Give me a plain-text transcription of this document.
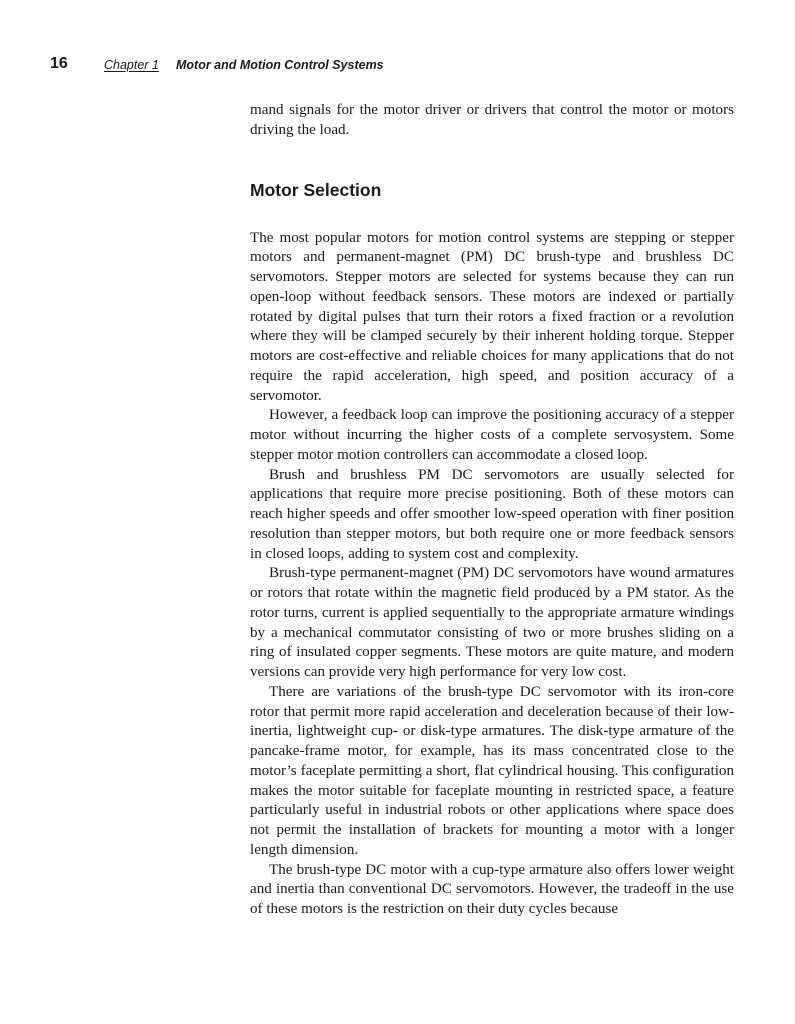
16	Chapter 1 Motor and Motion Control Systems

mand signals for the motor driver or drivers that control the motor or motors driving the load.

Motor Selection

The most popular motors for motion control systems are stepping or stepper motors and permanent-magnet (PM) DC brush-type and brushless DC servomotors. Stepper motors are selected for systems because they can run open-loop without feedback sensors. These motors are indexed or partially rotated by digital pulses that turn their rotors a fixed fraction or a revolution where they will be clamped securely by their inherent holding torque. Stepper motors are cost-effective and reliable choices for many applications that do not require the rapid acceleration, high speed, and position accuracy of a servomotor.

However, a feedback loop can improve the positioning accuracy of a stepper motor without incurring the higher costs of a complete servosystem. Some stepper motor motion controllers can accommodate a closed loop.

Brush and brushless PM DC servomotors are usually selected for applications that require more precise positioning. Both of these motors can reach higher speeds and offer smoother low-speed operation with finer position resolution than stepper motors, but both require one or more feedback sensors in closed loops, adding to system cost and complexity.

Brush-type permanent-magnet (PM) DC servomotors have wound armatures or rotors that rotate within the magnetic field produced by a PM stator. As the rotor turns, current is applied sequentially to the appropriate armature windings by a mechanical commutator consisting of two or more brushes sliding on a ring of insulated copper segments. These motors are quite mature, and modern versions can provide very high performance for very low cost.

There are variations of the brush-type DC servomotor with its iron-core rotor that permit more rapid acceleration and deceleration because of their low-inertia, lightweight cup- or disk-type armatures. The disk-type armature of the pancake-frame motor, for example, has its mass concentrated close to the motor’s faceplate permitting a short, flat cylindrical housing. This configuration makes the motor suitable for faceplate mounting in restricted space, a feature particularly useful in industrial robots or other applications where space does not permit the installation of brackets for mounting a motor with a longer length dimension.

The brush-type DC motor with a cup-type armature also offers lower weight and inertia than conventional DC servomotors. However, the tradeoff in the use of these motors is the restriction on their duty cycles because
